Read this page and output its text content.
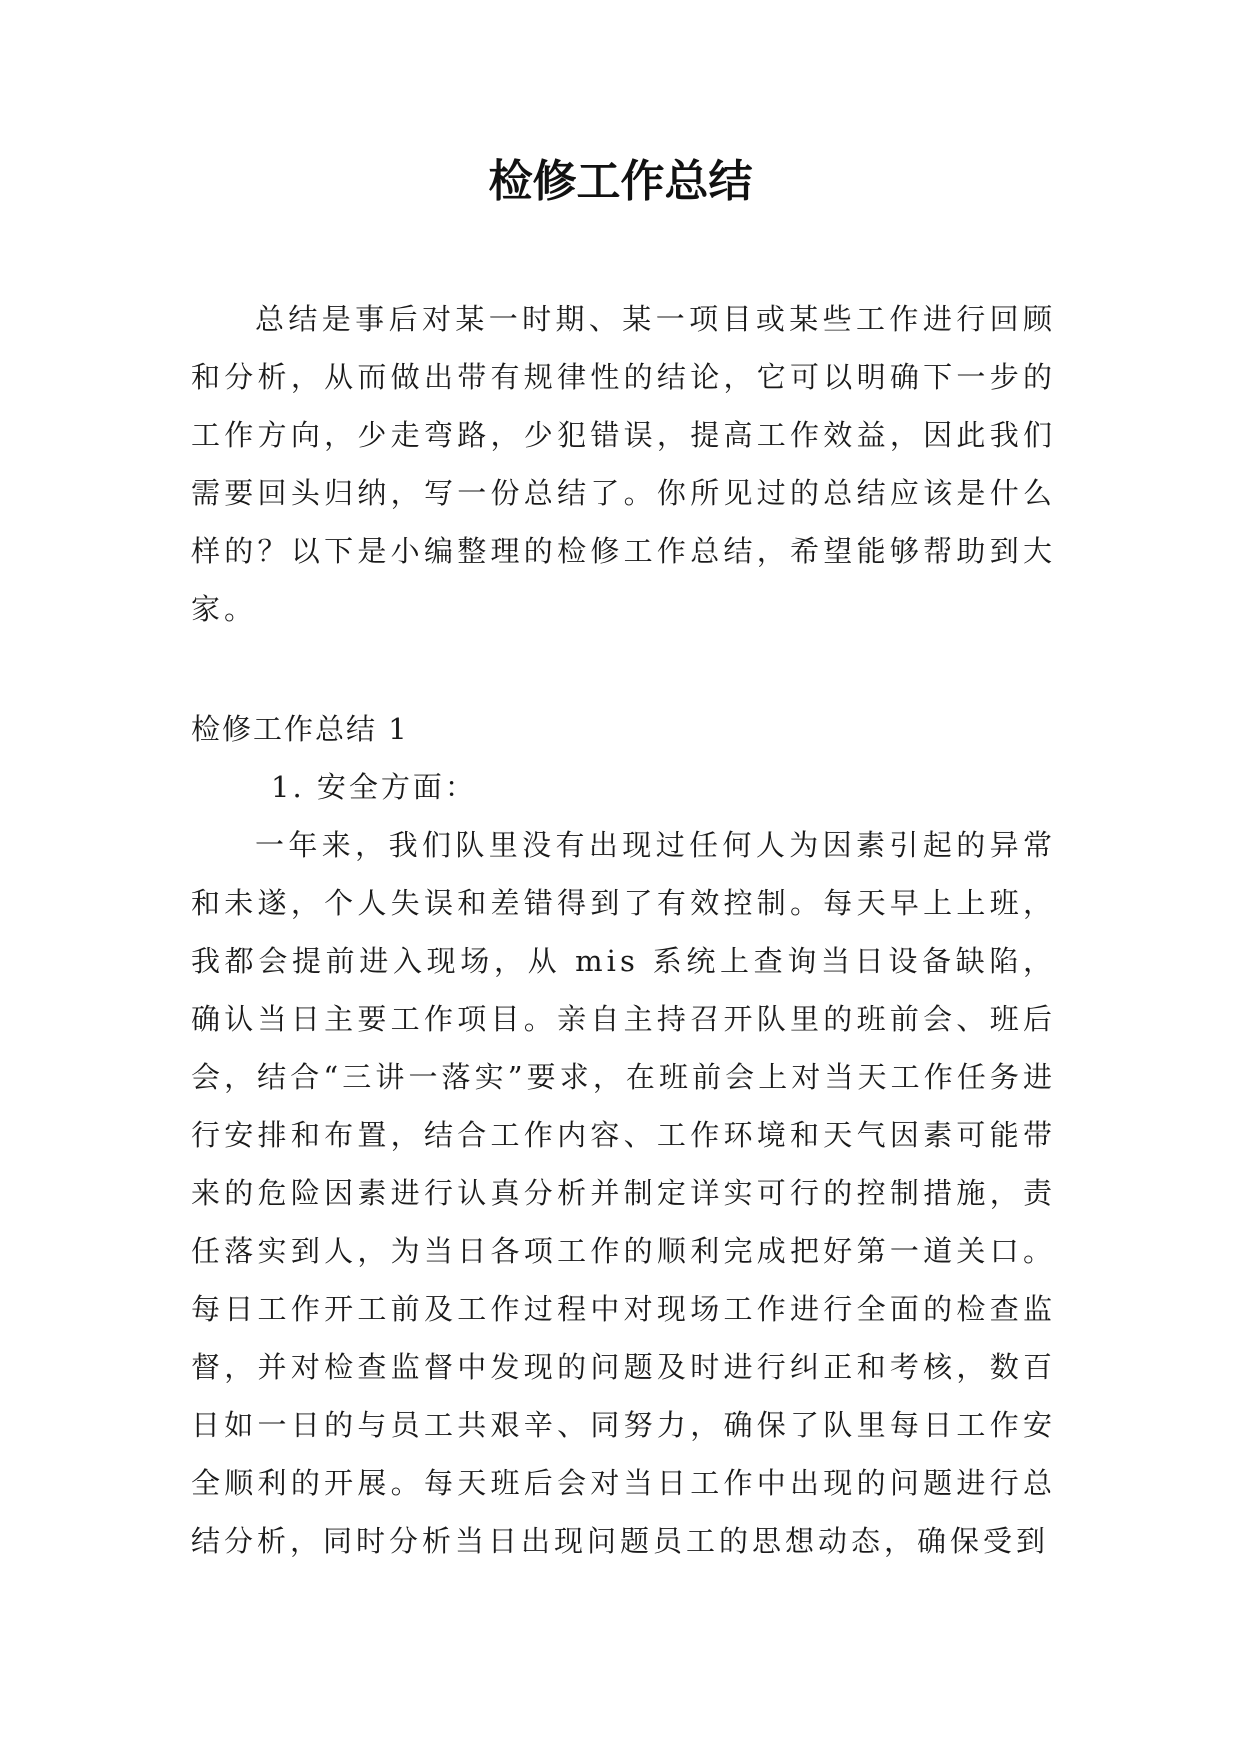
检修工作总结

总结是事后对某一时期、某一项目或某些工作进行回顾和分析，从而做出带有规律性的结论，它可以明确下一步的工作方向，少走弯路，少犯错误，提高工作效益，因此我们需要回头归纳，写一份总结了。你所见过的总结应该是什么样的？以下是小编整理的检修工作总结，希望能够帮助到大家。

检修工作总结 1

1. 安全方面：

一年来，我们队里没有出现过任何人为因素引起的异常和未遂，个人失误和差错得到了有效控制。每天早上上班，我都会提前进入现场，从 mis 系统上查询当日设备缺陷，确认当日主要工作项目。亲自主持召开队里的班前会、班后会，结合“三讲一落实”要求，在班前会上对当天工作任务进行安排和布置，结合工作内容、工作环境和天气因素可能带来的危险因素进行认真分析并制定详实可行的控制措施，责任落实到人，为当日各项工作的顺利完成把好第一道关口。每日工作开工前及工作过程中对现场工作进行全面的检查监督，并对检查监督中发现的问题及时进行纠正和考核，数百日如一日的与员工共艰辛、同努力，确保了队里每日工作安全顺利的开展。每天班后会对当日工作中出现的问题进行总结分析，同时分析当日出现问题员工的思想动态，确保受到
